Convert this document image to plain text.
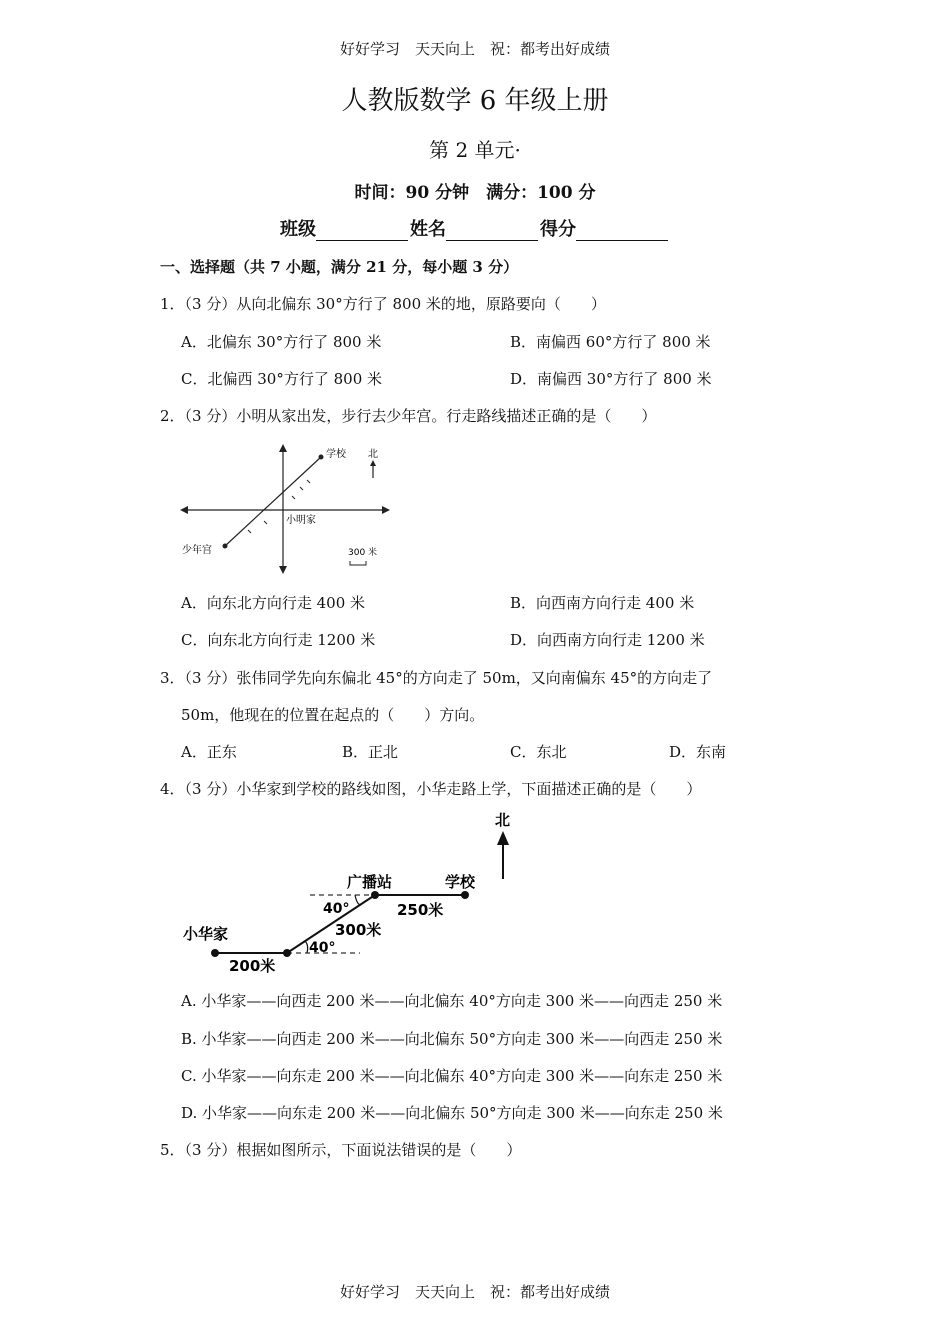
好好学习　天天向上　祝：都考出好成绩
人教版数学 6 年级上册
第 2 单元·
时间：90 分钟　满分：100 分
班级	姓名	得分
一、选择题（共 7 小题，满分 21 分，每小题 3 分）
1．（3 分）从向北偏东 30°方行了 800 米的地，原路要向（　　）
A．北偏东 30°方行了 800 米	B．南偏西 60°方行了 800 米
C．北偏西 30°方行了 800 米	D．南偏西 30°方行了 800 米
2．（3 分）小明从家出发，步行去少年宫。行走路线描述正确的是（　　）
学校 北
小明家
少年宫	300 米
A．向东北方向行走 400 米	B．向西南方向行走 400 米
C．向东北方向行走 1200 米	D．向西南方向行走 1200 米
3．（3 分）张伟同学先向东偏北 45°的方向走了 50m，又向南偏东 45°的方向走了
50m，他现在的位置在起点的（　　）方向。
A．正东	B．正北	C．东北	D．东南
4．（3 分）小华家到学校的路线如图，小华走路上学，下面描述正确的是（　　）
北
广播站	学校
小华家
40°
40°
300米
250米
200米
A. 小华家——向西走 200 米——向北偏东 40°方向走 300 米——向西走 250 米
B. 小华家——向西走 200 米——向北偏东 50°方向走 300 米——向西走 250 米
C. 小华家——向东走 200 米——向北偏东 40°方向走 300 米——向东走 250 米
D. 小华家——向东走 200 米——向北偏东 50°方向走 300 米——向东走 250 米
5．（3 分）根据如图所示，下面说法错误的是（　　）
好好学习　天天向上　祝：都考出好成绩
